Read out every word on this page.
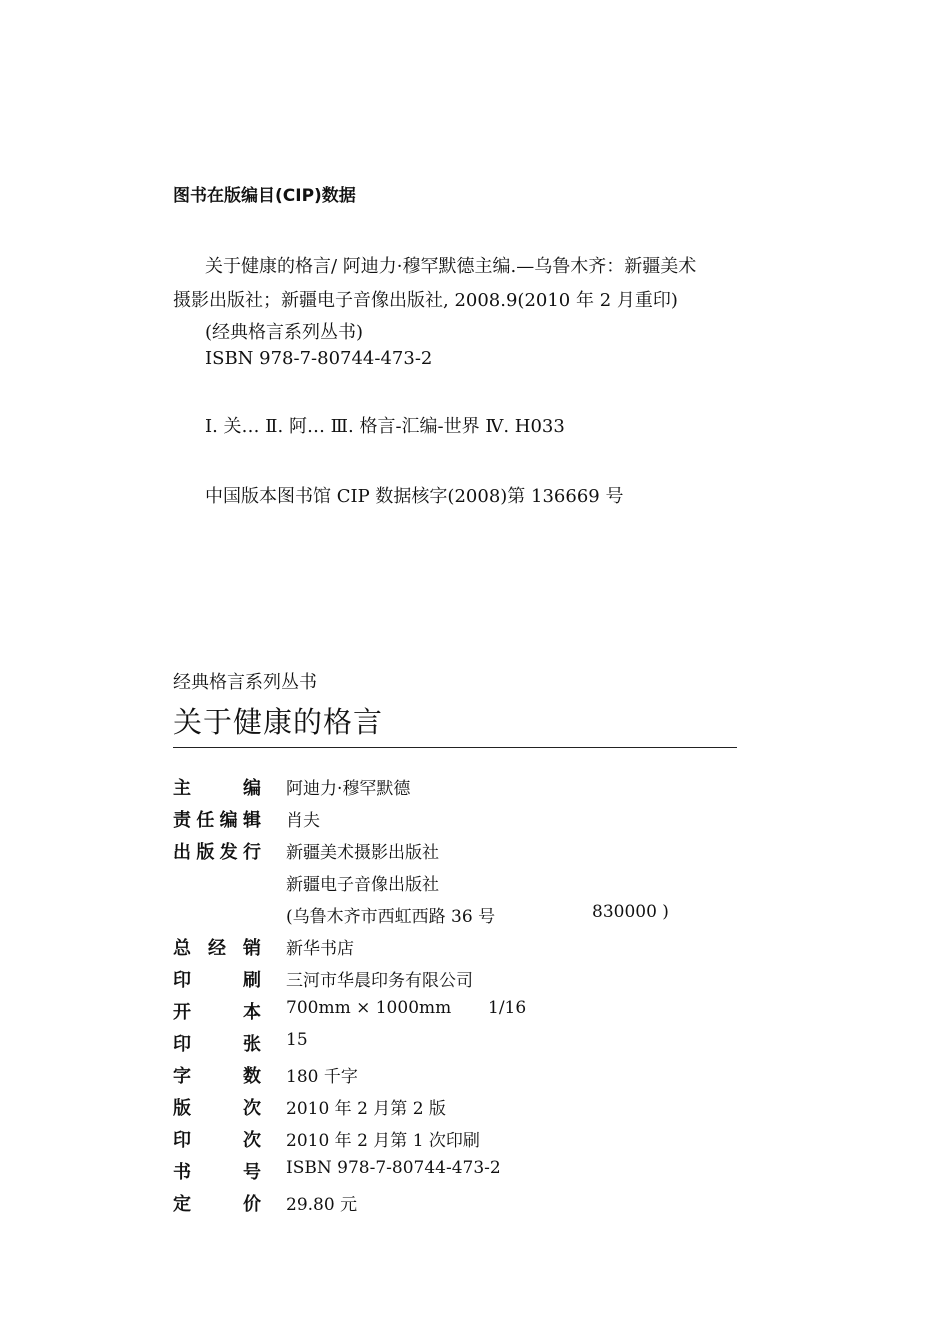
图书在版编目(CIP)数据
关于健康的格言/ 阿迪力·穆罕默德主编.—乌鲁木齐：新疆美术
摄影出版社；新疆电子音像出版社, 2008.9(2010 年 2 月重印)
(经典格言系列丛书)
ISBN 978-7-80744-473-2
Ⅰ. 关… Ⅱ. 阿… Ⅲ. 格言-汇编-世界 Ⅳ. H033
中国版本图书馆 CIP 数据核字(2008)第 136669 号
经典格言系列丛书
关于健康的格言
主编 阿迪力·穆罕默德
责任编辑 肖夫
出版发行 新疆美术摄影出版社
新疆电子音像出版社
(乌鲁木齐市西虹西路 36 号	830000 )
总经销 新华书店
印刷 三河市华晨印务有限公司
开本 700mm × 1000mm 1/16
印张 15
字数 180 千字
版次 2010 年 2 月第 2 版
印次 2010 年 2 月第 1 次印刷
书号 ISBN 978-7-80744-473-2
定价 29.80 元
